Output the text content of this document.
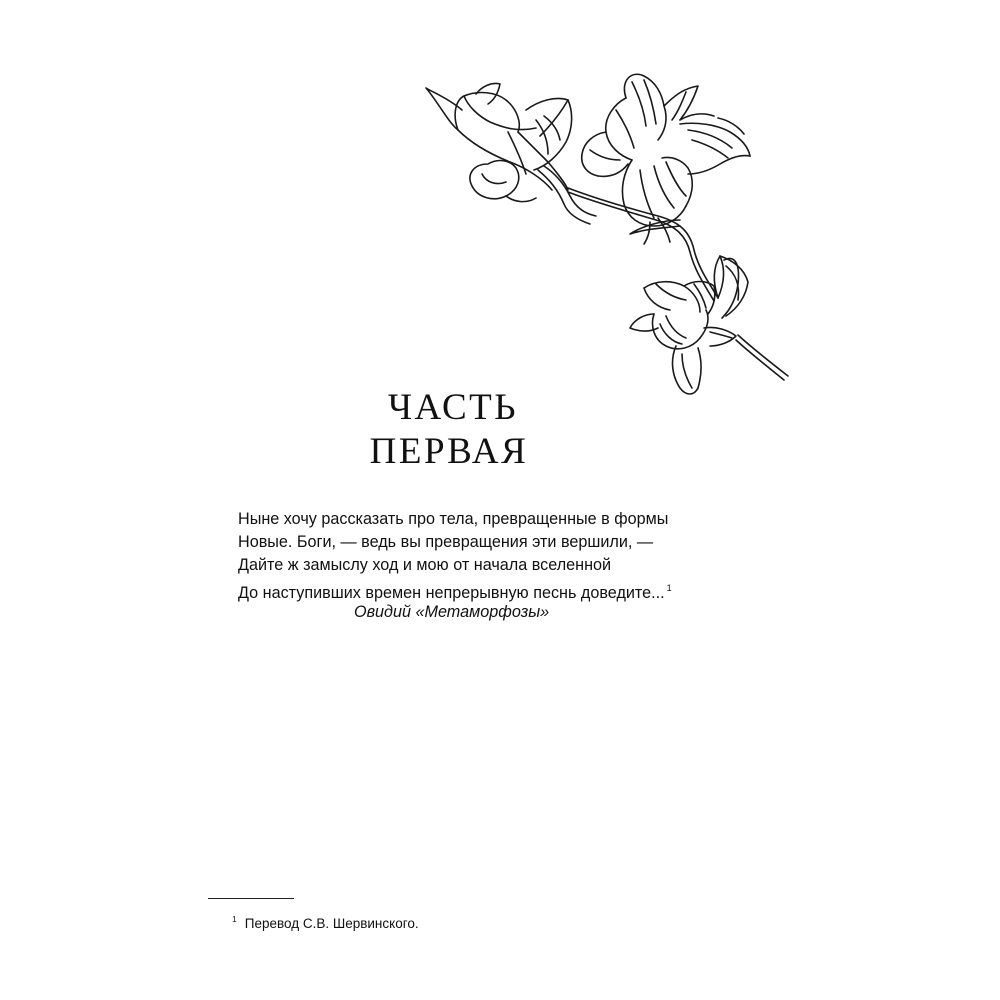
ЧАСТЬ
ПЕРВАЯ
Ныне хочу рассказать про тела, превращенные в формы
Новые. Боги, — ведь вы превращения эти вершили, —
Дайте ж замыслу ход и мою от начала вселенной
До наступивших времен непрерывную песнь доведите... $^1$
Овидий «Метаморфозы»
$^1$ Перевод С.В. Шервинского.
